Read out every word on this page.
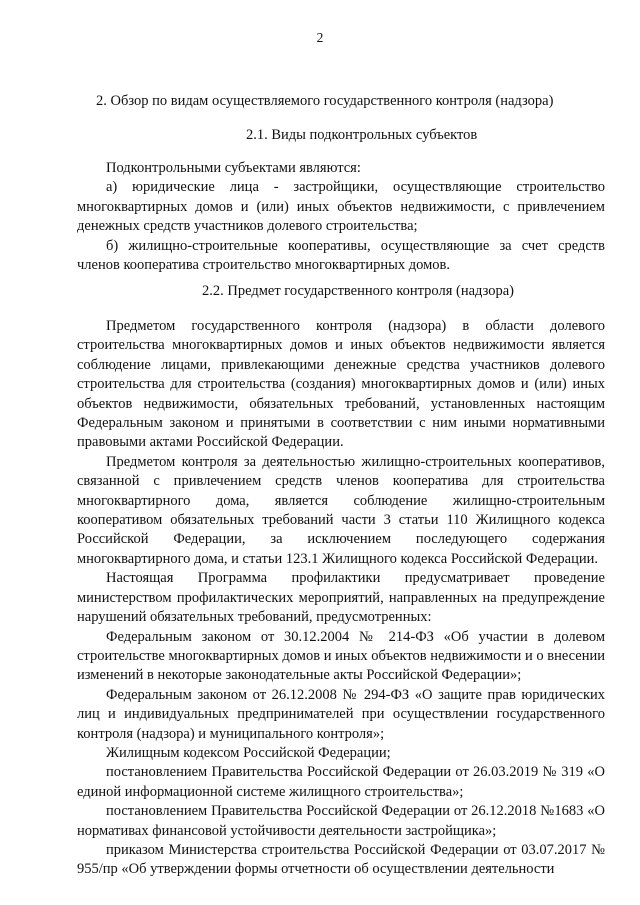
2
2. Обзор по видам осуществляемого государственного контроля (надзора)
2.1. Виды подконтрольных субъектов

Подконтрольными субъектами являются:

а) юридические лица - застройщики, осуществляющие строительство многоквартирных домов и (или) иных объектов недвижимости, с привлечением денежных средств участников долевого строительства;

б) жилищно-строительные кооперативы, осуществляющие за счет средств членов кооператива строительство многоквартирных домов.

2.2. Предмет государственного контроля (надзора)

Предметом государственного контроля (надзора) в области долевого строительства многоквартирных домов и иных объектов недвижимости является соблюдение лицами, привлекающими денежные средства участников долевого строительства для строительства (создания) многоквартирных домов и (или) иных объектов недвижимости, обязательных требований, установленных настоящим Федеральным законом и принятыми в соответствии с ним иными нормативными правовыми актами Российской Федерации.

Предметом контроля за деятельностью жилищно-строительных кооперативов, связанной с привлечением средств членов кооператива для строительства многоквартирного дома, является соблюдение жилищно-строительным кооперативом обязательных требований части 3 статьи 110 Жилищного кодекса Российской Федерации, за исключением последующего содержания многоквартирного дома, и статьи 123.1 Жилищного кодекса Российской Федерации.

Настоящая Программа профилактики предусматривает проведение министерством профилактических мероприятий, направленных на предупреждение нарушений обязательных требований, предусмотренных:

Федеральным законом от 30.12.2004 № 214-ФЗ «Об участии в долевом строительстве многоквартирных домов и иных объектов недвижимости и о внесении изменений в некоторые законодательные акты Российской Федерации»;

Федеральным законом от 26.12.2008 № 294-ФЗ «О защите прав юридических лиц и индивидуальных предпринимателей при осуществлении государственного контроля (надзора) и муниципального контроля»;

Жилищным кодексом Российской Федерации;

постановлением Правительства Российской Федерации от 26.03.2019 № 319 «О единой информационной системе жилищного строительства»;

постановлением Правительства Российской Федерации от 26.12.2018 №1683 «О нормативах финансовой устойчивости деятельности застройщика»;

приказом Министерства строительства Российской Федерации от 03.07.2017 № 955/пр «Об утверждении формы отчетности об осуществлении деятельности
